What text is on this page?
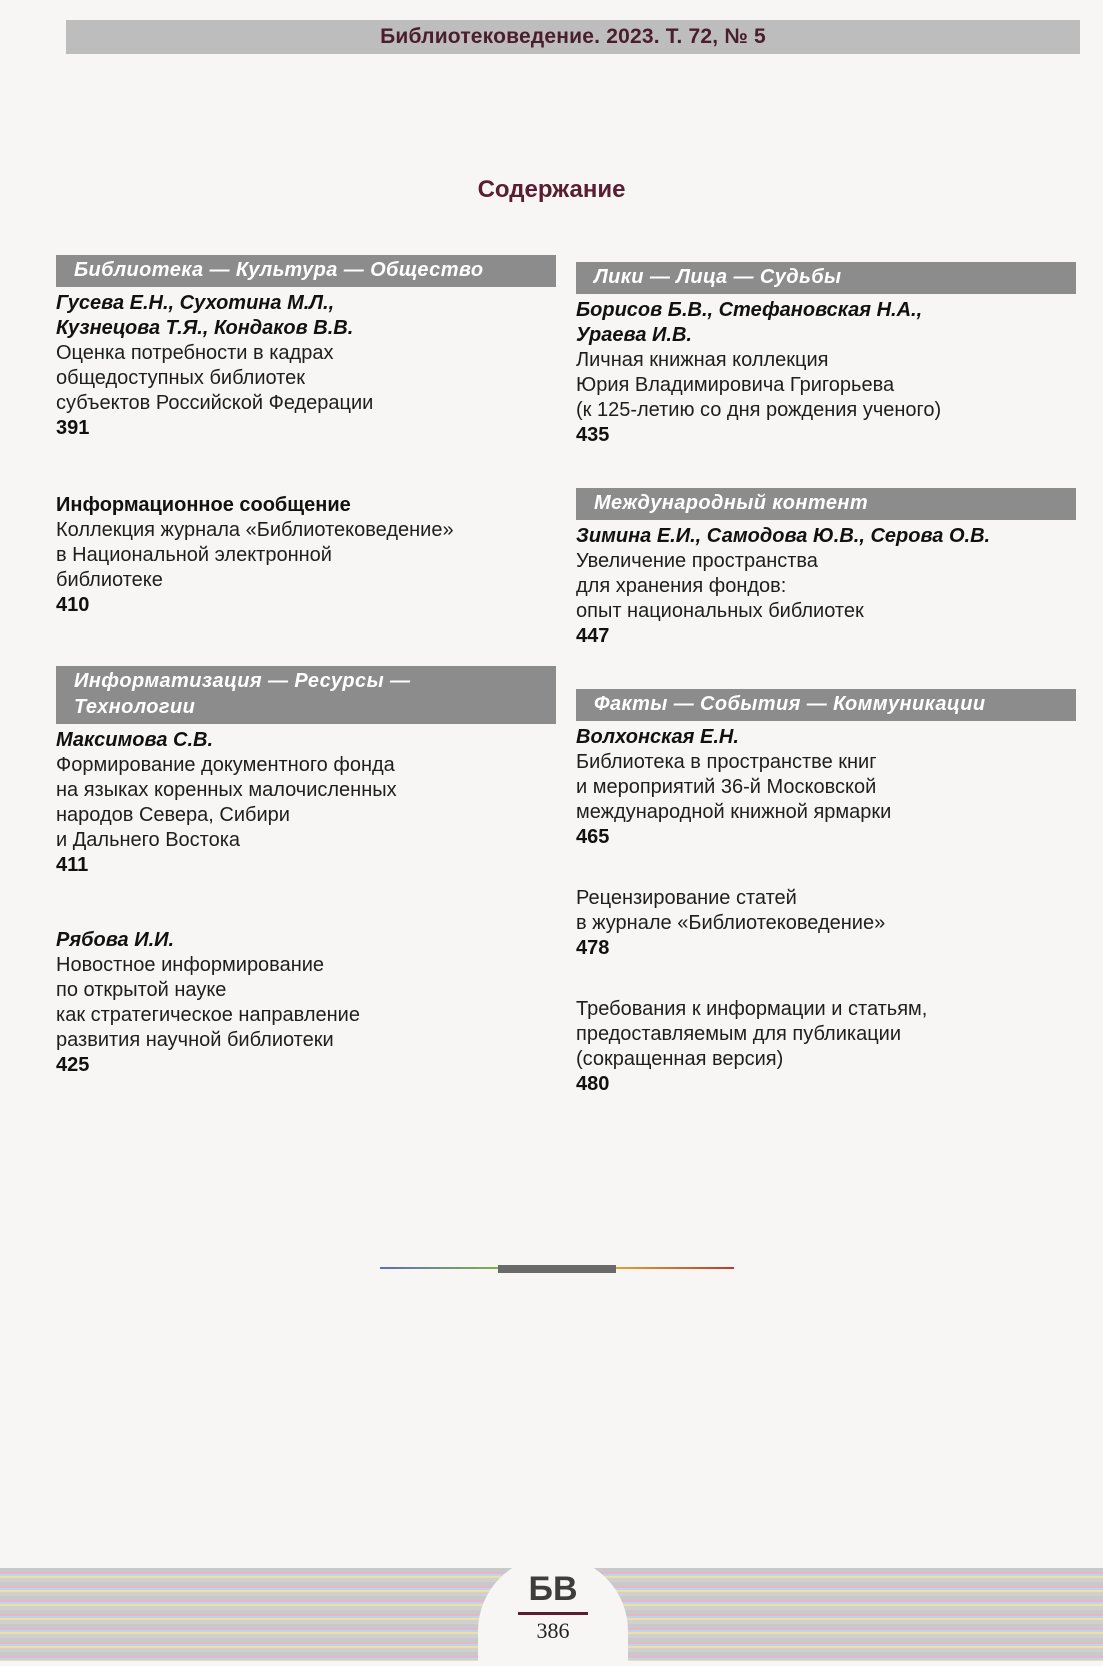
Библиотековедение. 2023. Т. 72, № 5
Содержание
Библиотека — Культура — Общество
Гусева Е.Н., Сухотина М.Л.,
Кузнецова Т.Я., Кондаков В.В.
Оценка потребности в кадрах
общедоступных библиотек
субъектов Российской Федерации
391
Информационное сообщение
Коллекция журнала «Библиотековедение»
в Национальной электронной
библиотеке
410
Информатизация — Ресурсы —
Технологии
Максимова С.В.
Формирование документного фонда
на языках коренных малочисленных
народов Севера, Сибири
и Дальнего Востока
411
Рябова И.И.
Новостное информирование
по открытой науке
как стратегическое направление
развития научной библиотеки
425
Лики — Лица — Судьбы
Борисов Б.В., Стефановская Н.А.,
Ураева И.В.
Личная книжная коллекция
Юрия Владимировича Григорьева
(к 125-летию со дня рождения ученого)
435
Международный контент
Зимина Е.И., Самодова Ю.В., Серова О.В.
Увеличение пространства
для хранения фондов:
опыт национальных библиотек
447
Факты — События — Коммуникации
Волхонская Е.Н.
Библиотека в пространстве книг
и мероприятий 36-й Московской
международной книжной ярмарки
465
Рецензирование статей
в журнале «Библиотековедение»
478
Требования к информации и статьям,
предоставляемым для публикации
(сокращенная версия)
480
БВ
386
